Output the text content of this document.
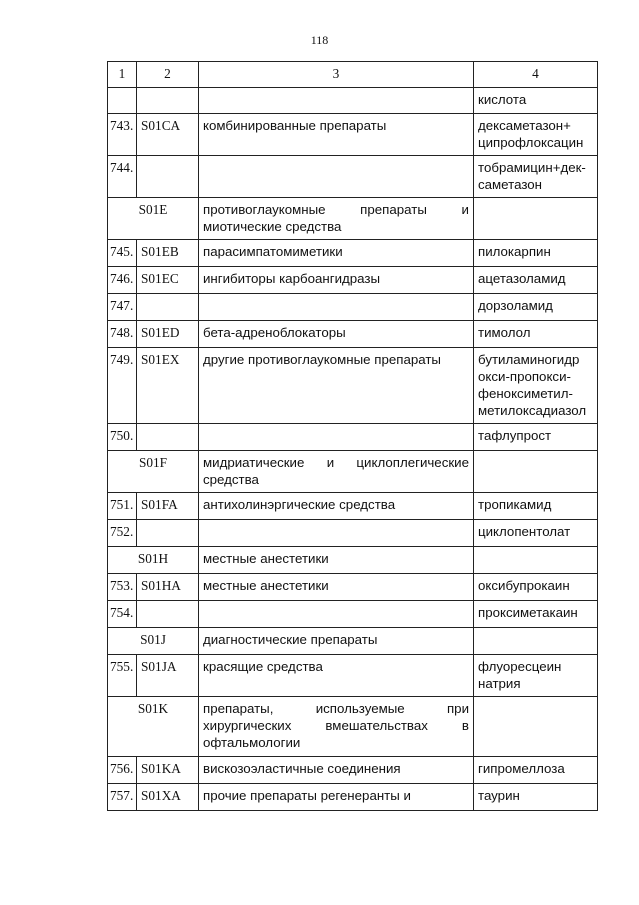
118
1	2	3	4
			кислота
743.	S01CA	комбинированные препараты	дексаметазон+ ципрофлоксацин
744.			тобрамицин+дек-саметазон
S01E		противоглаукомные препараты и миотические средства	
745.	S01EB	парасимпатомиметики	пилокарпин
746.	S01EC	ингибиторы карбоангидразы	ацетазоламид
747.			дорзоламид
748.	S01ED	бета-адреноблокаторы	тимолол
749.	S01EX	другие противоглаукомные препараты	бутиламиногидр окси-пропокси-феноксиметил-метилоксадиазол
750.			тафлупрост
S01F		мидриатические и циклоплегические средства	
751.	S01FA	антихолинэргические средства	тропикамид
752.			циклопентолат
S01H		местные анестетики	
753.	S01HA	местные анестетики	оксибупрокаин
754.			проксиметакаин
S01J		диагностические препараты	
755.	S01JA	красящие средства	флуоресцеин натрия
S01K		препараты, используемые при хирургических вмешательствах в офтальмологии	
756.	S01KA	вискозоэластичные соединения	гипромеллоза
757.	S01XA	прочие препараты регенеранты и	таурин
